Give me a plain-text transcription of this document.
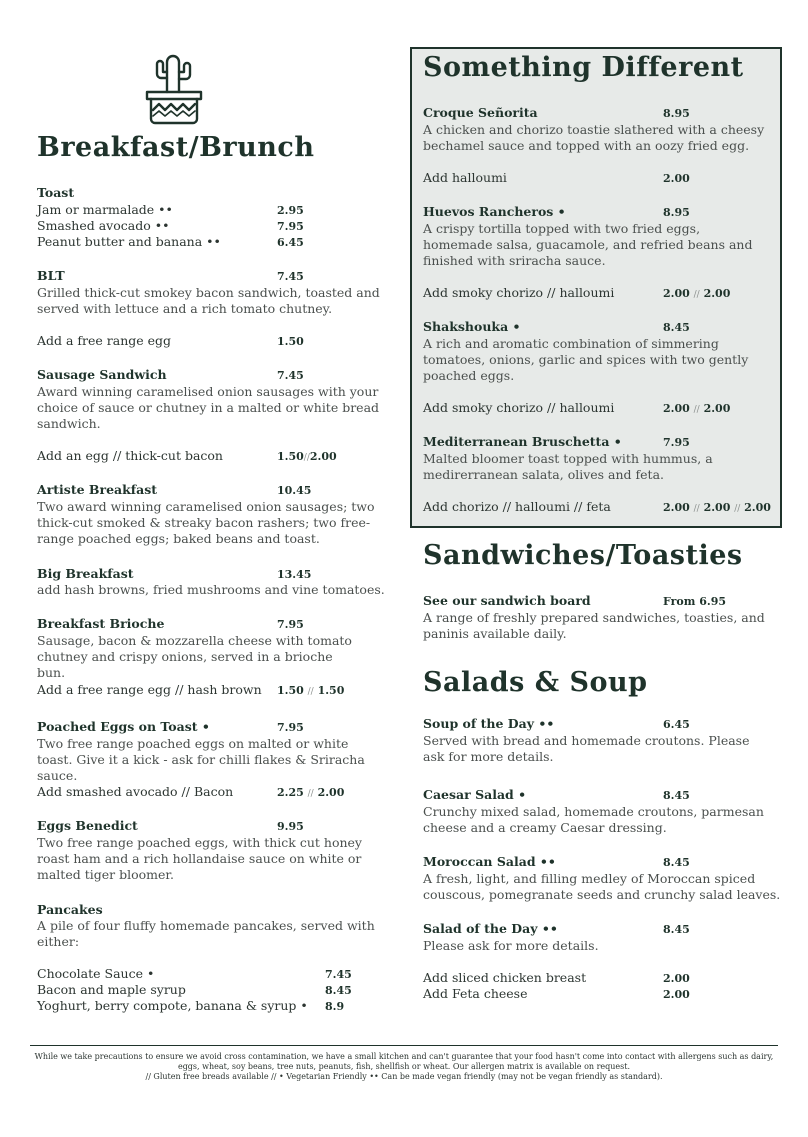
Breakfast/Brunch
Toast
Jam or marmalade ••	2.95
Smashed avocado ••	7.95
Peanut butter and banana ••	6.45
BLT	7.45
Grilled thick-cut smokey bacon sandwich, toasted and served with lettuce and a rich tomato chutney.
Add a free range egg	1.50
Sausage Sandwich	7.45
Award winning caramelised onion sausages with your choice of sauce or chutney in a malted or white bread sandwich.
Add an egg // thick-cut bacon	1.50//2.00
Artiste Breakfast	10.45
Two award winning caramelised onion sausages; two thick-cut smoked & streaky bacon rashers; two free-range poached eggs; baked beans and toast.
Big Breakfast	13.45
add hash browns, fried mushrooms and vine tomatoes.
Breakfast Brioche	7.95
Sausage, bacon & mozzarella cheese with tomato chutney and crispy onions, served in a brioche bun.
Add a free range egg // hash brown 1.50 // 1.50
Poached Eggs on Toast •	7.95
Two free range poached eggs on malted or white toast. Give it a kick - ask for chilli flakes & Sriracha sauce.
Add smashed avocado // Bacon	2.25 // 2.00
Eggs Benedict	9.95
Two free range poached eggs, with thick cut honey roast ham and a rich hollandaise sauce on white or malted tiger bloomer.
Pancakes
A pile of four fluffy homemade pancakes, served with either:
Chocolate Sauce •	7.45
Bacon and maple syrup	8.45
Yoghurt, berry compote, banana & syrup • 8.9
Something Different
Croque Señorita	8.95
A chicken and chorizo toastie slathered with a cheesy bechamel sauce and topped with an oozy fried egg.
Add halloumi	2.00
Huevos Rancheros •	8.95
A crispy tortilla topped with two fried eggs, homemade salsa, guacamole, and refried beans and finished with sriracha sauce.
Add smoky chorizo // halloumi	2.00 // 2.00
Shakshouka •	8.45
A rich and aromatic combination of simmering tomatoes, onions, garlic and spices with two gently poached eggs.
Add smoky chorizo // halloumi	2.00 // 2.00
Mediterranean Bruschetta •	7.95
Malted bloomer toast topped with hummus, a medirerranean salata, olives and feta.
Add chorizo // halloumi // feta	2.00 // 2.00 // 2.00
Sandwiches/Toasties
See our sandwich board	From 6.95
A range of freshly prepared sandwiches, toasties, and paninis available daily.
Salads & Soup
Soup of the Day ••	6.45
Served with bread and homemade croutons. Please ask for more details.
Caesar Salad •	8.45
Crunchy mixed salad, homemade croutons, parmesan cheese and a creamy Caesar dressing.
Moroccan Salad ••	8.45
A fresh, light, and filling medley of Moroccan spiced couscous, pomegranate seeds and crunchy salad leaves.
Salad of the Day ••	8.45
Please ask for more details.
Add sliced chicken breast	2.00
Add Feta cheese	2.00
While we take precautions to ensure we avoid cross contamination, we have a small kitchen and can't guarantee that your food hasn't come into contact with allergens such as dairy, eggs, wheat, soy beans, tree nuts, peanuts, fish, shellfish or wheat. Our allergen matrix is available on request.
// Gluten free breads available // • Vegetarian Friendly •• Can be made vegan friendly (may not be vegan friendly as standard).
